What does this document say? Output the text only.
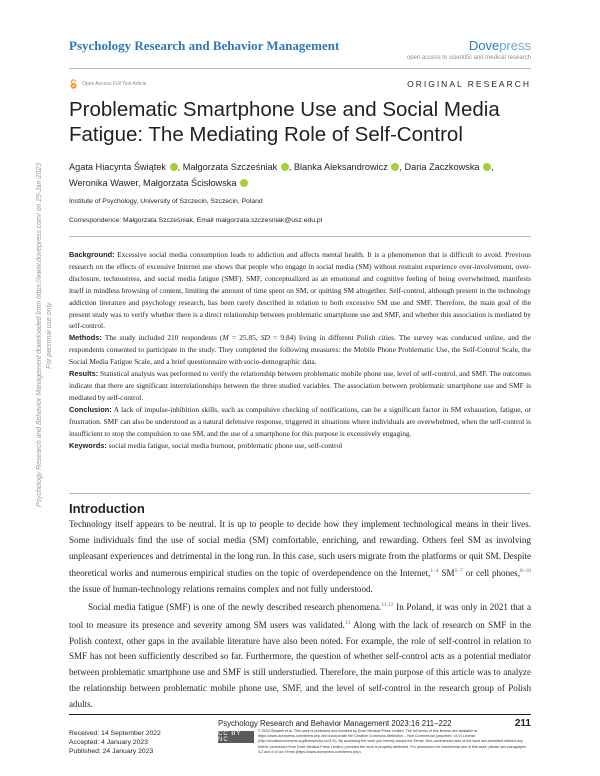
Psychology Research and Behavior Management	Dovepress
open access to scientific and medical research
Open Access Full Text Article	ORIGINAL RESEARCH
Problematic Smartphone Use and Social Media Fatigue: The Mediating Role of Self-Control
Agata Hiacynta Świątek , Małgorzata Szcześniak , Blanka Aleksandrowicz , Daria Zaczkowska ,
Weronika Wawer, Małgorzata Ścisłowska
Institute of Psychology, University of Szczecin, Szczecin, Poland
Correspondence: Małgorzata Szcześniak, Email malgorzata.szczesniak@usz.edu.pl

Background: Excessive social media consumption leads to addiction and affects mental health. It is a phenomenon that is difficult to avoid. Previous research on the effects of excessive Internet use shows that people who engage in social media (SM) without restraint experience over-involvement, over-disclosure, technostress, and social media fatigue (SMF). SMF, conceptualized as an emotional and cognitive feeling of being overwhelmed, manifests itself in mindless browsing of content, limiting the amount of time spent on SM, or quitting SM altogether. Self-control, although present in the technology addiction literature and psychology research, has been rarely described in relation to both excessive SM use and SMF. Therefore, the main goal of the present study was to verify whether there is a direct relationship between problematic smartphone use and SMF, and whether this association is mediated by self-control.

Methods: The study included 210 respondents (M = 25.85, SD = 9.84) living in different Polish cities. The survey was conducted online, and the respondents consented to participate in the study. They completed the following measures: the Mobile Phone Problematic Use, the Self-Control Scale, the Social Media Fatigue Scale, and a brief questionnaire with socio-demographic data.

Results: Statistical analysis was performed to verify the relationship between problematic mobile phone use, level of self-control, and SMF. The outcomes indicate that there are significant interrelationships between the three studied variables. The association between problematic smartphone use and SMF is mediated by self-control.

Conclusion: A lack of impulse-inhibition skills, such as compulsive checking of notifications, can be a significant factor in SM exhaustion, fatigue, or frustration. SMF can also be understood as a natural defensive response, triggered in situations where individuals are overwhelmed, when the self-control is insufficient to stop the compulsion to use SM, and the use of a smartphone for this purpose is excessively engaging.

Keywords: social media fatigue, social media burnout, problematic phone use, self-control

Introduction

Technology itself appears to be neutral. It is up to people to decide how they implement technological means in their lives. Some individuals find the use of social media (SM) comfortable, enriching, and rewarding. Others feel SM as involving unpleasant experiences and detrimental in the long run. In this case, such users migrate from the platforms or quit SM. Despite theoretical works and numerous empirical studies on the topic of overdependence on the Internet,$^{1-4}$ SM$^{5-7}$ or cell phones,$^{8-10}$ the issue of human-technology relations remains complex and not fully understood.

Social media fatigue (SMF) is one of the newly described research phenomena.$^{11,12}$ In Poland, it was only in 2021 that a tool to measure its presence and severity among SM users was validated.$^{13}$ Along with the lack of research on SMF in the Polish context, other gaps in the available literature have also been noted. For example, the role of self-control in relation to SMF has not been sufficiently described so far. Furthermore, the question of whether self-control acts as a potential mediator between problematic smartphone use and SMF is still understudied. Therefore, the main purpose of this article was to analyze the relationship between problematic mobile phone use, SMF, and the level of self-control in the research group of Polish adults.

Received: 14 September 2022
Accepted: 4 January 2023
Published: 24 January 2023
Psychology Research and Behavior Management 2023:16 211–222	211
CC BY NC
© 2023 Świątek et al. This work is published and licensed by Dove Medical Press Limited. The full terms of this license are available at https://www.dovepress.com/terms.php and incorporate the Creative Commons Attribution – Non Commercial (unported, v3.0) License (http://creativecommons.org/licenses/by-nc/3.0/). By accessing the work you hereby accept the Terms. Non-commercial uses of the work are permitted without any further permission from Dove Medical Press Limited, provided the work is properly attributed. For permission for commercial use of this work, please see paragraphs 4.2 and 5 of our Terms (https://www.dovepress.com/terms.php).
Psychology Research and Behavior Management downloaded from https://www.dovepress.com/ on 25-Jan-2023 For personal use only.
